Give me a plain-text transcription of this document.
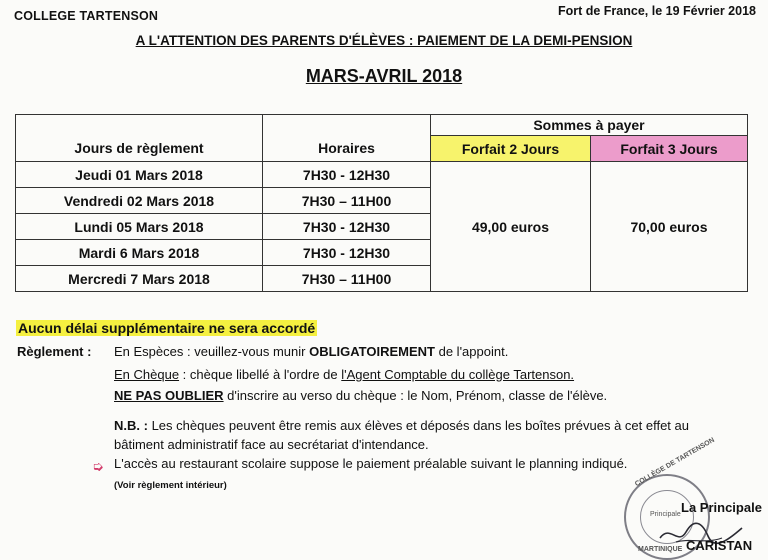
COLLEGE TARTENSON	Fort de France, le 19 Février 2018
A L'ATTENTION DES PARENTS D'ÉLÈVES : PAIEMENT DE LA DEMI-PENSION
MARS-AVRIL 2018
		Sommes à payer	
Jours de règlement	Horaires	Forfait 2 Jours	Forfait 3 Jours
Jeudi 01 Mars 2018	7H30 - 12H30	49,00 euros	70,00 euros
Vendredi 02 Mars 2018	7H30 – 11H00		
Lundi 05 Mars 2018	7H30 - 12H30		
Mardi 6 Mars 2018	7H30 - 12H30		
Mercredi 7 Mars 2018	7H30 – 11H00		
Aucun délai supplémentaire ne sera accordé
Règlement : En Espèces : veuillez-vous munir OBLIGATOIREMENT de l'appoint.
En Chèque : chèque libellé à l'ordre de l'Agent Comptable du collège Tartenson.
NE PAS OUBLIER d'inscrire au verso du chèque : le Nom, Prénom, classe de l'élève.
N.B. : Les chèques peuvent être remis aux élèves et déposés dans les boîtes prévues à cet effet au
bâtiment administratif face au secrétariat d'intendance.
➭ L'accès au restaurant scolaire suppose le paiement préalable suivant le planning indiqué.
(Voir règlement intérieur)	COLLÈGE DE TARTENSON
Principale
MARTINIQUE
La Principale
CARISTAN
